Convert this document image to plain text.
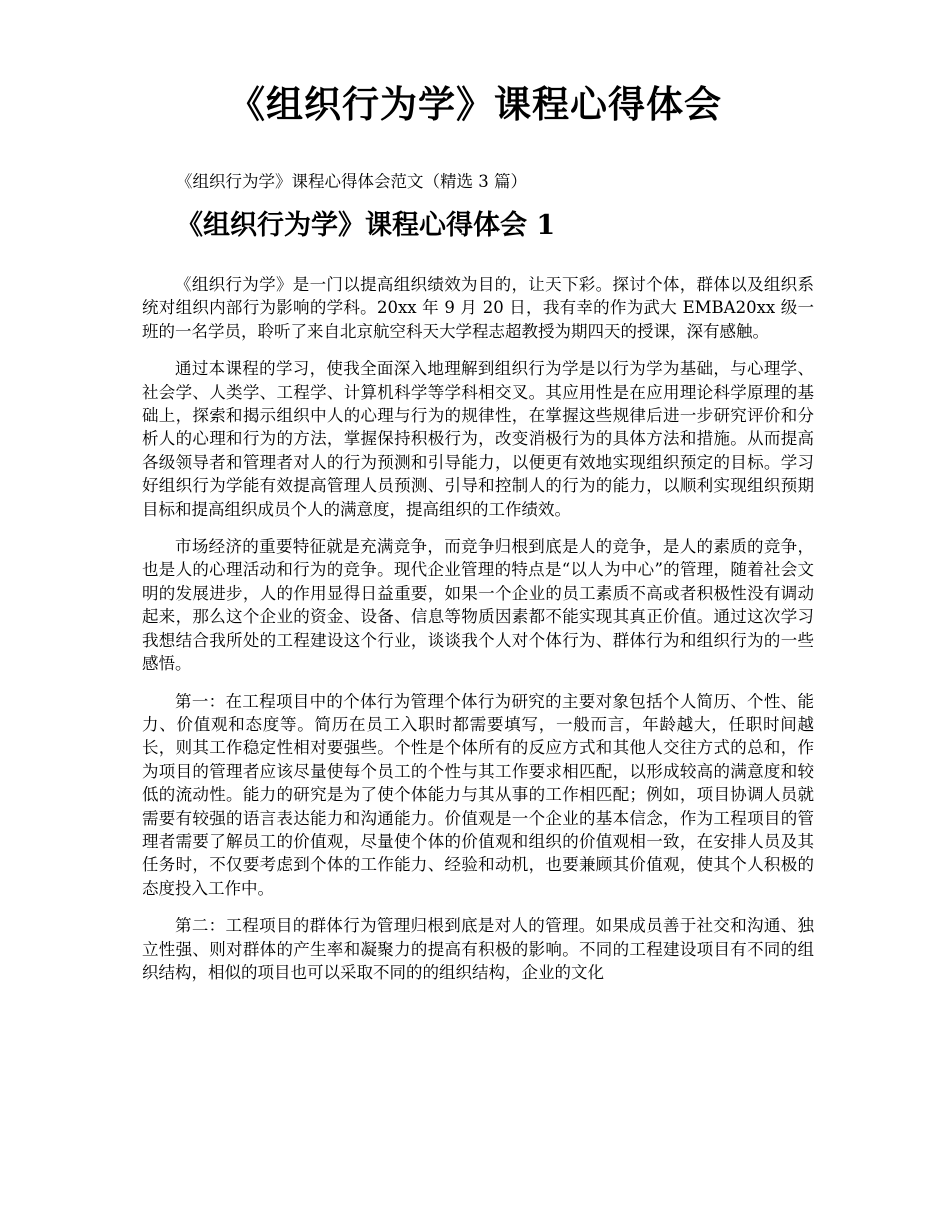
《组织行为学》课程心得体会

《组织行为学》课程心得体会范文（精选 3 篇）

《组织行为学》课程心得体会 1

《组织行为学》是一门以提高组织绩效为目的，让天下彩。探讨个体，群体以及组织系统对组织内部行为影响的学科。20xx 年 9 月 20 日，我有幸的作为武大 EMBA20xx 级一班的一名学员，聆听了来自北京航空科天大学程志超教授为期四天的授课，深有感触。

通过本课程的学习，使我全面深入地理解到组织行为学是以行为学为基础，与心理学、社会学、人类学、工程学、计算机科学等学科相交叉。其应用性是在应用理论科学原理的基础上，探索和揭示组织中人的心理与行为的规律性，在掌握这些规律后进一步研究评价和分析人的心理和行为的方法，掌握保持积极行为，改变消极行为的具体方法和措施。从而提高各级领导者和管理者对人的行为预测和引导能力，以便更有效地实现组织预定的目标。学习好组织行为学能有效提高管理人员预测、引导和控制人的行为的能力，以顺利实现组织预期目标和提高组织成员个人的满意度，提高组织的工作绩效。

市场经济的重要特征就是充满竞争，而竞争归根到底是人的竞争，是人的素质的竞争，也是人的心理活动和行为的竞争。现代企业管理的特点是“以人为中心”的管理，随着社会文明的发展进步，人的作用显得日益重要，如果一个企业的员工素质不高或者积极性没有调动起来，那么这个企业的资金、设备、信息等物质因素都不能实现其真正价值。通过这次学习我想结合我所处的工程建设这个行业，谈谈我个人对个体行为、群体行为和组织行为的一些感悟。

第一：在工程项目中的个体行为管理个体行为研究的主要对象包括个人简历、个性、能力、价值观和态度等。简历在员工入职时都需要填写，一般而言，年龄越大，任职时间越长，则其工作稳定性相对要强些。个性是个体所有的反应方式和其他人交往方式的总和，作为项目的管理者应该尽量使每个员工的个性与其工作要求相匹配，以形成较高的满意度和较低的流动性。能力的研究是为了使个体能力与其从事的工作相匹配；例如，项目协调人员就需要有较强的语言表达能力和沟通能力。价值观是一个企业的基本信念，作为工程项目的管理者需要了解员工的价值观，尽量使个体的价值观和组织的价值观相一致，在安排人员及其任务时，不仅要考虑到个体的工作能力、经验和动机，也要兼顾其价值观，使其个人积极的态度投入工作中。

第二：工程项目的群体行为管理归根到底是对人的管理。如果成员善于社交和沟通、独立性强、则对群体的产生率和凝聚力的提高有积极的影响。不同的工程建设项目有不同的组织结构，相似的项目也可以采取不同的的组织结构，企业的文化
